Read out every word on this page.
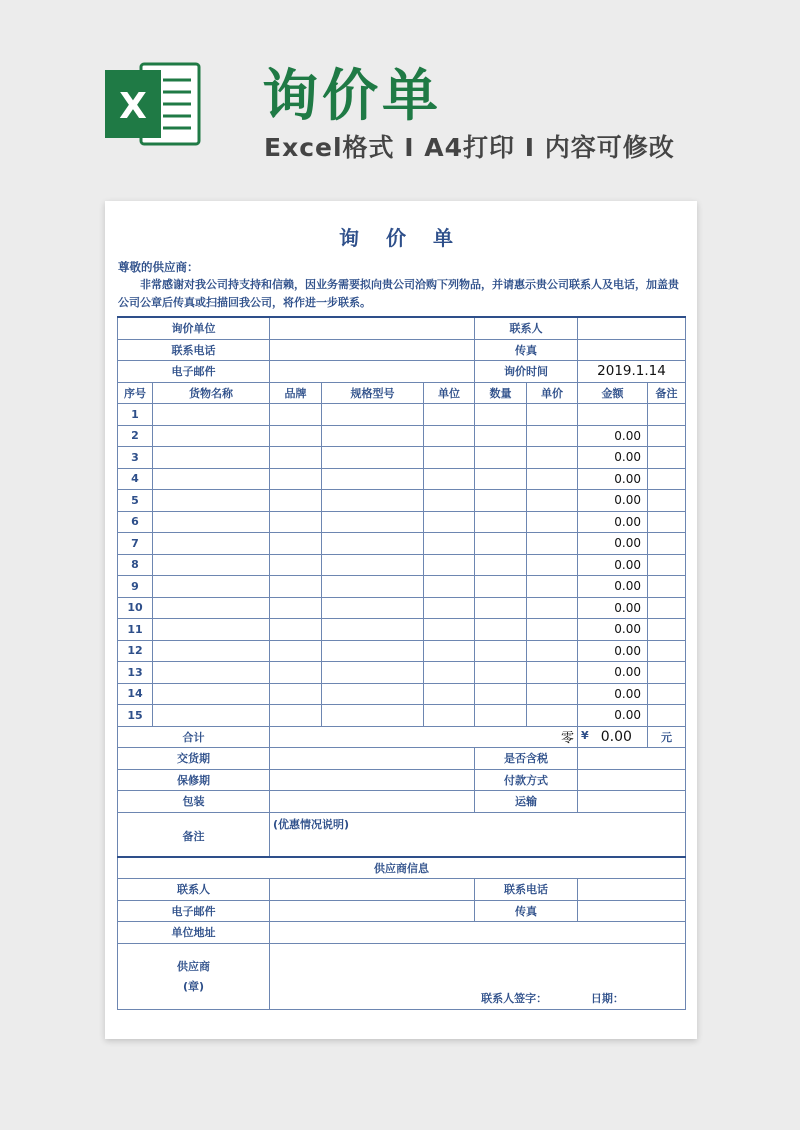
X 询价单
Excel格式 I A4打印 I 内容可修改
询 价 单
尊敬的供应商：

非常感谢对我公司持支持和信赖，因业务需要拟向贵公司洽购下列物品，并请惠示贵公司联系人及电话，加盖贵公司公章后传真或扫描回我公司，将作进一步联系。

询价单位					联系人			
联系电话					传真			
电子邮件					询价时间		2019.1.14	
序号	货物名称	品牌	规格型号	单位	数量	单价	金额	备注
1								
2							0.00	
3							0.00	
4							0.00	
5							0.00	
6							0.00	
7							0.00	
8							0.00	
9							0.00	
10							0.00	
11							0.00	
12							0.00	
13							0.00	
14							0.00	
15							0.00	
合计		零					¥ 0.00	元
交货期					是否含税			
保修期					付款方式			
包装					运输			
备注		(优惠情况说明)						
供应商信息								
联系人					联系电话			
电子邮件					传真			
单位地址								

供应商
(章)		联系人签字： 日期：						
